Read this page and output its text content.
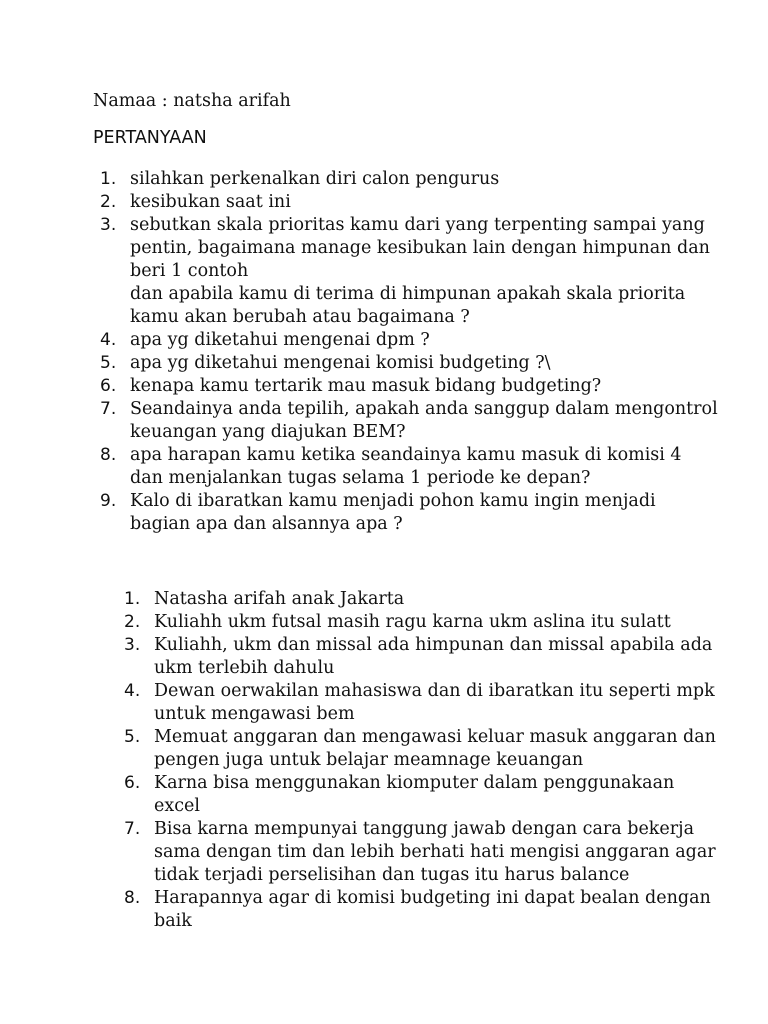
Namaa : natsha arifah
PERTANYAAN
1. silahkan perkenalkan diri calon pengurus
2. kesibukan saat ini
3. sebutkan skala prioritas kamu dari yang terpenting sampai yang
pentin, bagaimana manage kesibukan lain dengan himpunan dan
beri 1 contoh
dan apabila kamu di terima di himpunan apakah skala priorita
kamu akan berubah atau bagaimana ?
4. apa yg diketahui mengenai dpm ?
5. apa yg diketahui mengenai komisi budgeting ?\
6. kenapa kamu tertarik mau masuk bidang budgeting?
7. Seandainya anda tepilih, apakah anda sanggup dalam mengontrol
keuangan yang diajukan BEM?
8. apa harapan kamu ketika seandainya kamu masuk di komisi 4
dan menjalankan tugas selama 1 periode ke depan?
9. Kalo di ibaratkan kamu menjadi pohon kamu ingin menjadi
bagian apa dan alsannya apa ?
1. Natasha arifah anak Jakarta
2. Kuliahh ukm futsal masih ragu karna ukm aslina itu sulatt
3. Kuliahh, ukm dan missal ada himpunan dan missal apabila ada
ukm terlebih dahulu
4. Dewan oerwakilan mahasiswa dan di ibaratkan itu seperti mpk
untuk mengawasi bem
5. Memuat anggaran dan mengawasi keluar masuk anggaran dan
pengen juga untuk belajar meamnage keuangan
6. Karna bisa menggunakan kiomputer dalam penggunakaan
excel
7. Bisa karna mempunyai tanggung jawab dengan cara bekerja
sama dengan tim dan lebih berhati hati mengisi anggaran agar
tidak terjadi perselisihan dan tugas itu harus balance
8. Harapannya agar di komisi budgeting ini dapat bealan dengan
baik
